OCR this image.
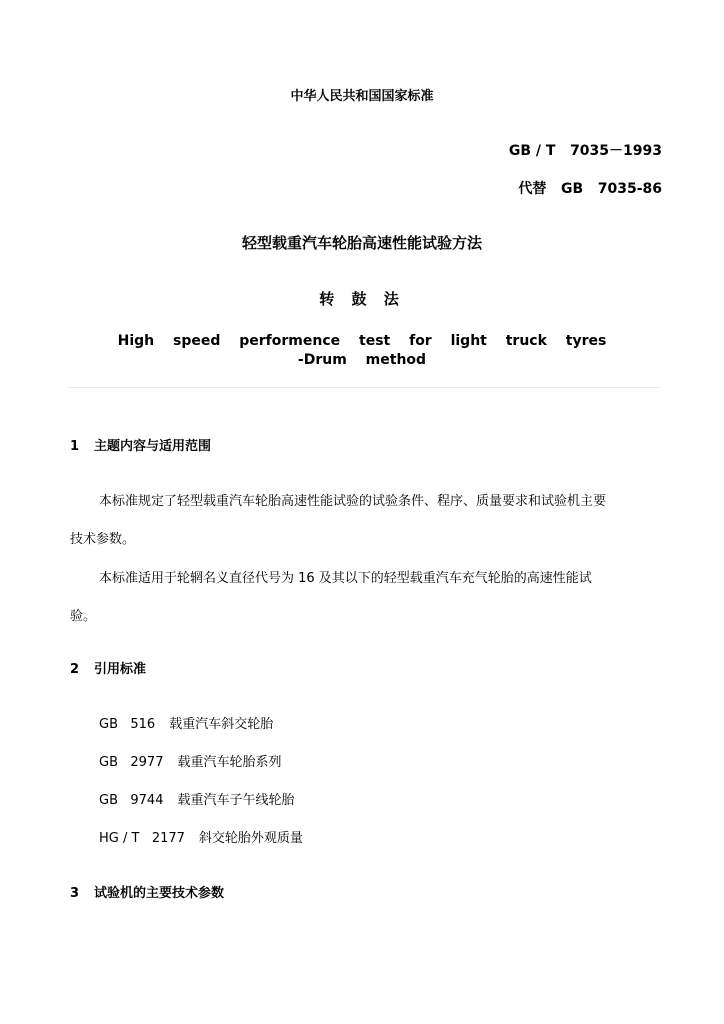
中华人民共和国国家标准
GB / T   7035－1993
代替   GB   7035-86
轻型载重汽车轮胎高速性能试验方法
转 鼓 法
High speed performence test for light truck tyres
-Drum method
1 主题内容与适用范围
本标准规定了轻型载重汽车轮胎高速性能试验的试验条件、程序、质量要求和试验机主要
技术参数。
本标准适用于轮辋名义直径代号为 16 及其以下的轻型载重汽车充气轮胎的高速性能试
验。
2 引用标准
GB   516 载重汽车斜交轮胎
GB   2977 载重汽车轮胎系列
GB   9744 载重汽车子午线轮胎
HG / T   2177 斜交轮胎外观质量
3 试验机的主要技术参数
